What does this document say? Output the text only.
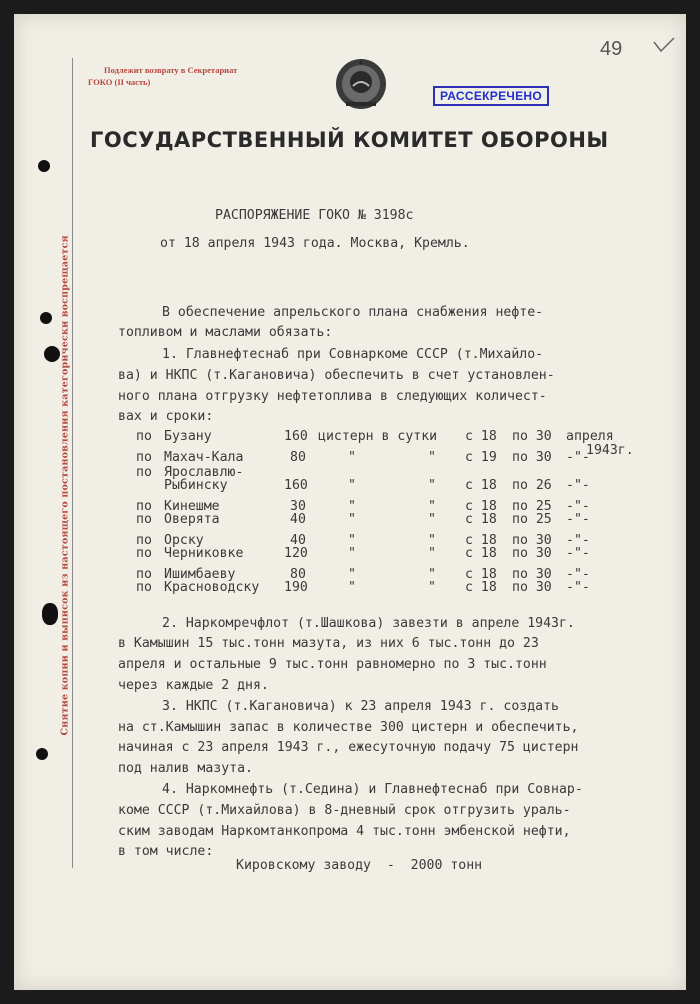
Снятие копии и выписок из настоящего постановления категорически воспрещается
Подлежит возврату в Секретариат
ГОКО (II часть)
РАССЕКРЕЧЕНО
49
ГОСУДАРСТВЕННЫЙ КОМИТЕТ ОБОРОНЫ
РАСПОРЯЖЕНИЕ ГОКО № 3198с
от 18 апреля 1943 года. Москва, Кремль.
В обеспечение апрельского плана снабжения нефте-
топливом и маслами обязать:
1. Главнефтеснаб при Совнаркоме СССР (т.Михайло-
ва) и НКПС (т.Кагановича) обеспечить в счет установлен-
ного плана отгрузку нефтетоплива в следующих количест-
вах и сроки:
по Бузану	160 цистерн в сутки с 18 по 30 апреля
по Махач-Кала	80	"	" с 19 по 30 -"-
по Ярославлю-
Рыбинску	160	"	" с 18 по 26 -"-
по Кинешме	30	"	" с 18 по 25 -"-
по Оверята	40	"	" с 18 по 25 -"-
по Орску	40	"	" с 18 по 30 -"-
по Черниковке	120	"	" с 18 по 30 -"-
по Ишимбаеву	80	"	" с 18 по 30 -"-
по Красноводску 190	"	" с 18 по 30 -"-
1943г.
2. Наркомречфлот (т.Шашкова) завезти в апреле 1943г.
в Камышин 15 тыс.тонн мазута, из них 6 тыс.тонн до 23
апреля и остальные 9 тыс.тонн равномерно по 3 тыс.тонн
через каждые 2 дня.
3. НКПС (т.Кагановича) к 23 апреля 1943 г. создать
на ст.Камышин запас в количестве 300 цистерн и обеспечить,
начиная с 23 апреля 1943 г., ежесуточную подачу 75 цистерн
под налив мазута.
4. Наркомнефть (т.Седина) и Главнефтеснаб при Совнар-
коме СССР (т.Михайлова) в 8-дневный срок отгрузить ураль-
ским заводам Наркомтанкопрома 4 тыс.тонн эмбенской нефти,
в том числе:
Кировскому заводу  -  2000 тонн
